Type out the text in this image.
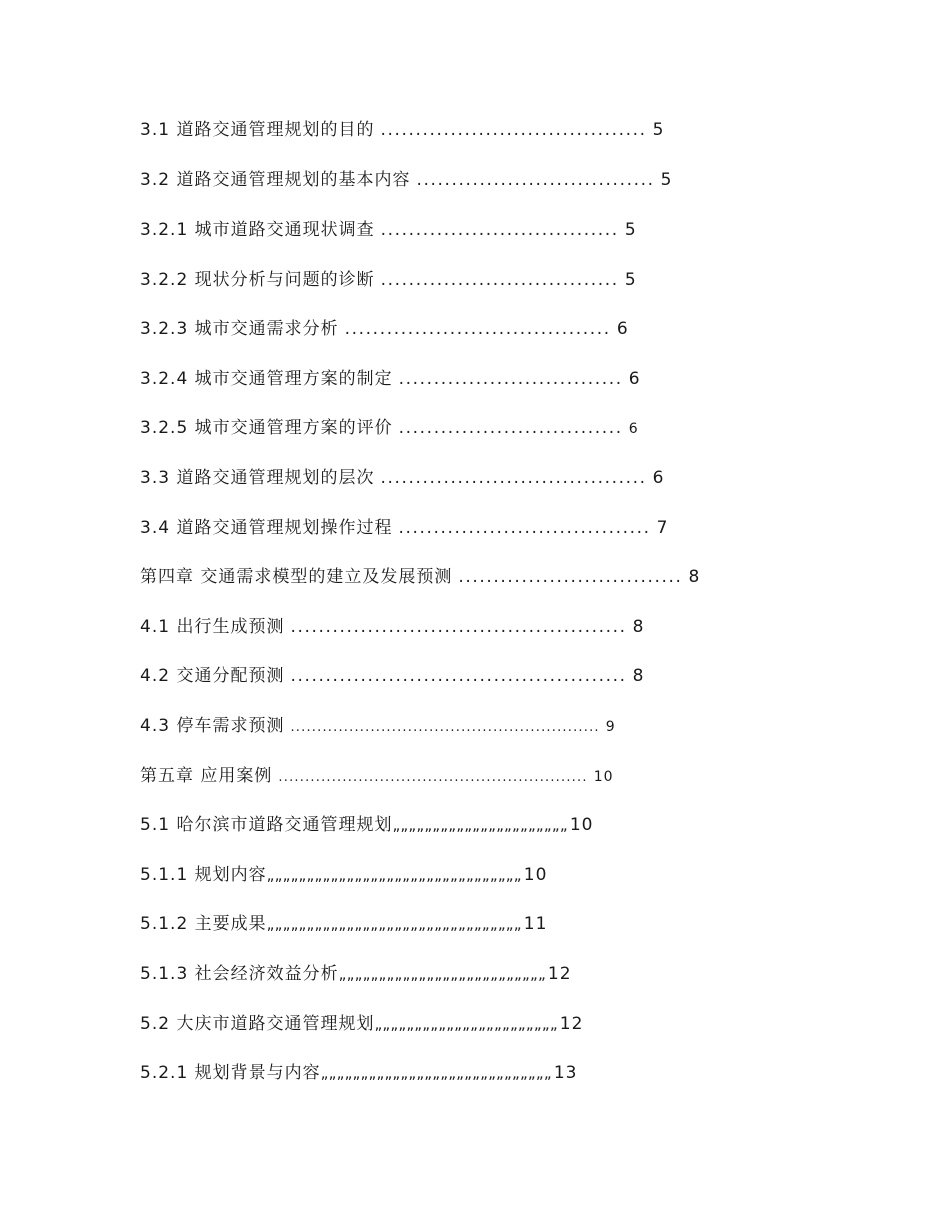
3.1 道路交通管理规划的目的 ...................................... 5
3.2 道路交通管理规划的基本内容 .................................. 5
3.2.1 城市道路交通现状调查 .................................. 5
3.2.2 现状分析与问题的诊断 .................................. 5
3.2.3 城市交通需求分析 ...................................... 6
3.2.4 城市交通管理方案的制定 ................................ 6
3.2.5 城市交通管理方案的评价 ................................ 6
3.3 道路交通管理规划的层次 ...................................... 6
3.4 道路交通管理规划操作过程 .................................... 7
第四章 交通需求模型的建立及发展预测 ................................ 8
4.1 出行生成预测 ................................................ 8
4.2 交通分配预测 ................................................ 8
4.3 停车需求预测 .......................................................... 9
第五章 应用案例 .......................................................... 10
5.1 哈尔滨市道路交通管理规划„„„„„„„„„„„„„„„„„„„„„„ 10
5.1.1 规划内容„„„„„„„„„„„„„„„„„„„„„„„„„„„„„„„„ 10
5.1.2 主要成果„„„„„„„„„„„„„„„„„„„„„„„„„„„„„„„„ 11
5.1.3 社会经济效益分析„„„„„„„„„„„„„„„„„„„„„„„„„„ 12
5.2 大庆市道路交通管理规划„„„„„„„„„„„„„„„„„„„„„„„ 12
5.2.1 规划背景与内容„„„„„„„„„„„„„„„„„„„„„„„„„„„„„ 13
